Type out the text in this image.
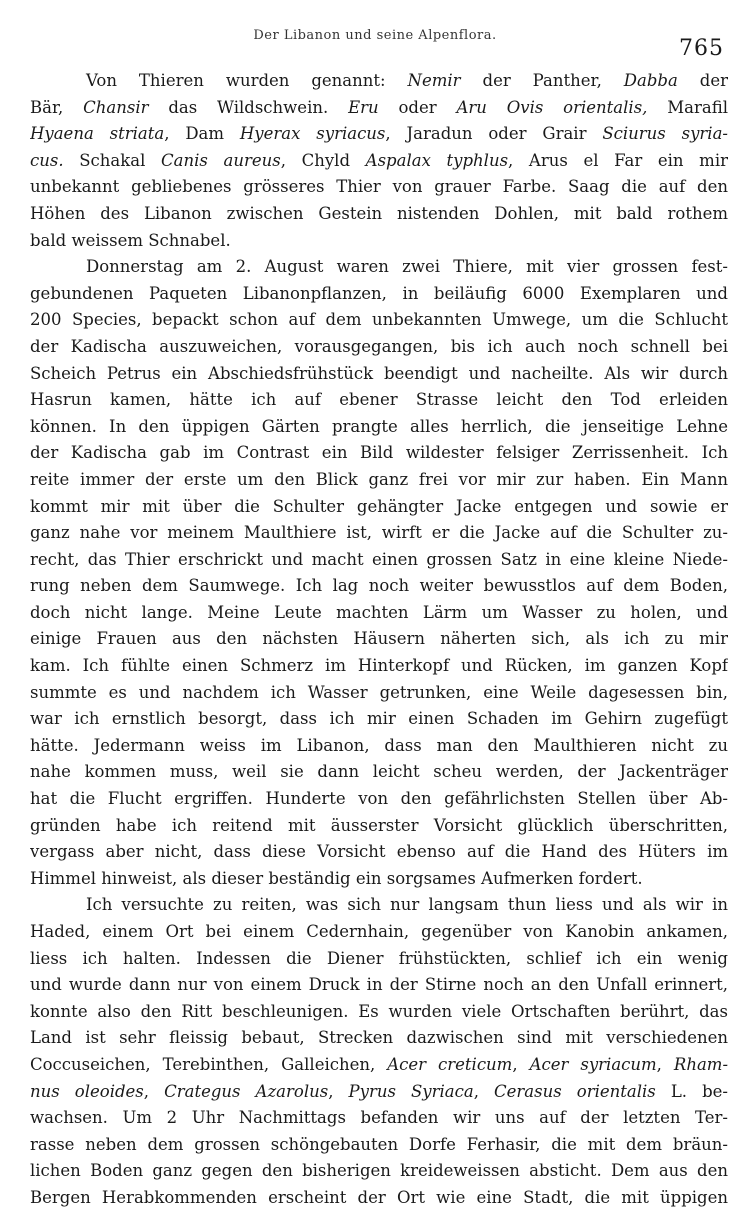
Der Libanon und seine Alpenflora.
765
Von Thieren wurden genannt: Nemir der Panther, Dabba der
Bär, Chansir das Wildschwein. Eru oder Aru Ovis orientalis, Marafil
Hyaena striata, Dam Hyerax syriacus, Jaradun oder Grair Sciurus syria-
cus. Schakal Canis aureus, Chyld Aspalax typhlus, Arus el Far ein mir
unbekannt gebliebenes grösseres Thier von grauer Farbe. Saag die auf den
Höhen des Libanon zwischen Gestein nistenden Dohlen, mit bald rothem
bald weissem Schnabel.
Donnerstag am 2. August waren zwei Thiere, mit vier grossen fest-
gebundenen Paqueten Libanonpflanzen, in beiläufig 6000 Exemplaren und
200 Species, bepackt schon auf dem unbekannten Umwege, um die Schlucht
der Kadischa auszuweichen, vorausgegangen, bis ich auch noch schnell bei
Scheich Petrus ein Abschiedsfrühstück beendigt und nacheilte. Als wir durch
Hasrun kamen, hätte ich auf ebener Strasse leicht den Tod erleiden
können. In den üppigen Gärten prangte alles herrlich, die jenseitige Lehne
der Kadischa gab im Contrast ein Bild wildester felsiger Zerrissenheit. Ich
reite immer der erste um den Blick ganz frei vor mir zur haben. Ein Mann
kommt mir mit über die Schulter gehängter Jacke entgegen und sowie er
ganz nahe vor meinem Maulthiere ist, wirft er die Jacke auf die Schulter zu-
recht, das Thier erschrickt und macht einen grossen Satz in eine kleine Niede-
rung neben dem Saumwege. Ich lag noch weiter bewusstlos auf dem Boden,
doch nicht lange. Meine Leute machten Lärm um Wasser zu holen, und
einige Frauen aus den nächsten Häusern näherten sich, als ich zu mir
kam. Ich fühlte einen Schmerz im Hinterkopf und Rücken, im ganzen Kopf
summte es und nachdem ich Wasser getrunken, eine Weile dagesessen bin,
war ich ernstlich besorgt, dass ich mir einen Schaden im Gehirn zugefügt
hätte. Jedermann weiss im Libanon, dass man den Maulthieren nicht zu
nahe kommen muss, weil sie dann leicht scheu werden, der Jackenträger
hat die Flucht ergriffen. Hunderte von den gefährlichsten Stellen über Ab-
gründen habe ich reitend mit äusserster Vorsicht glücklich überschritten,
vergass aber nicht, dass diese Vorsicht ebenso auf die Hand des Hüters im
Himmel hinweist, als dieser beständig ein sorgsames Aufmerken fordert.
Ich versuchte zu reiten, was sich nur langsam thun liess und als wir in
Haded, einem Ort bei einem Cedernhain, gegenüber von Kanobin ankamen,
liess ich halten. Indessen die Diener frühstückten, schlief ich ein wenig
und wurde dann nur von einem Druck in der Stirne noch an den Unfall erinnert,
konnte also den Ritt beschleunigen. Es wurden viele Ortschaften berührt, das
Land ist sehr fleissig bebaut, Strecken dazwischen sind mit verschiedenen
Coccuseichen, Terebinthen, Galleichen, Acer creticum, Acer syriacum, Rham-
nus oleoides, Crategus Azarolus, Pyrus Syriaca, Cerasus orientalis L. be-
wachsen. Um 2 Uhr Nachmittags befanden wir uns auf der letzten Ter-
rasse neben dem grossen schöngebauten Dorfe Ferhasir, die mit dem bräun-
lichen Boden ganz gegen den bisherigen kreideweissen absticht. Dem aus den
Bergen Herabkommenden erscheint der Ort wie eine Stadt, die mit üppigen
